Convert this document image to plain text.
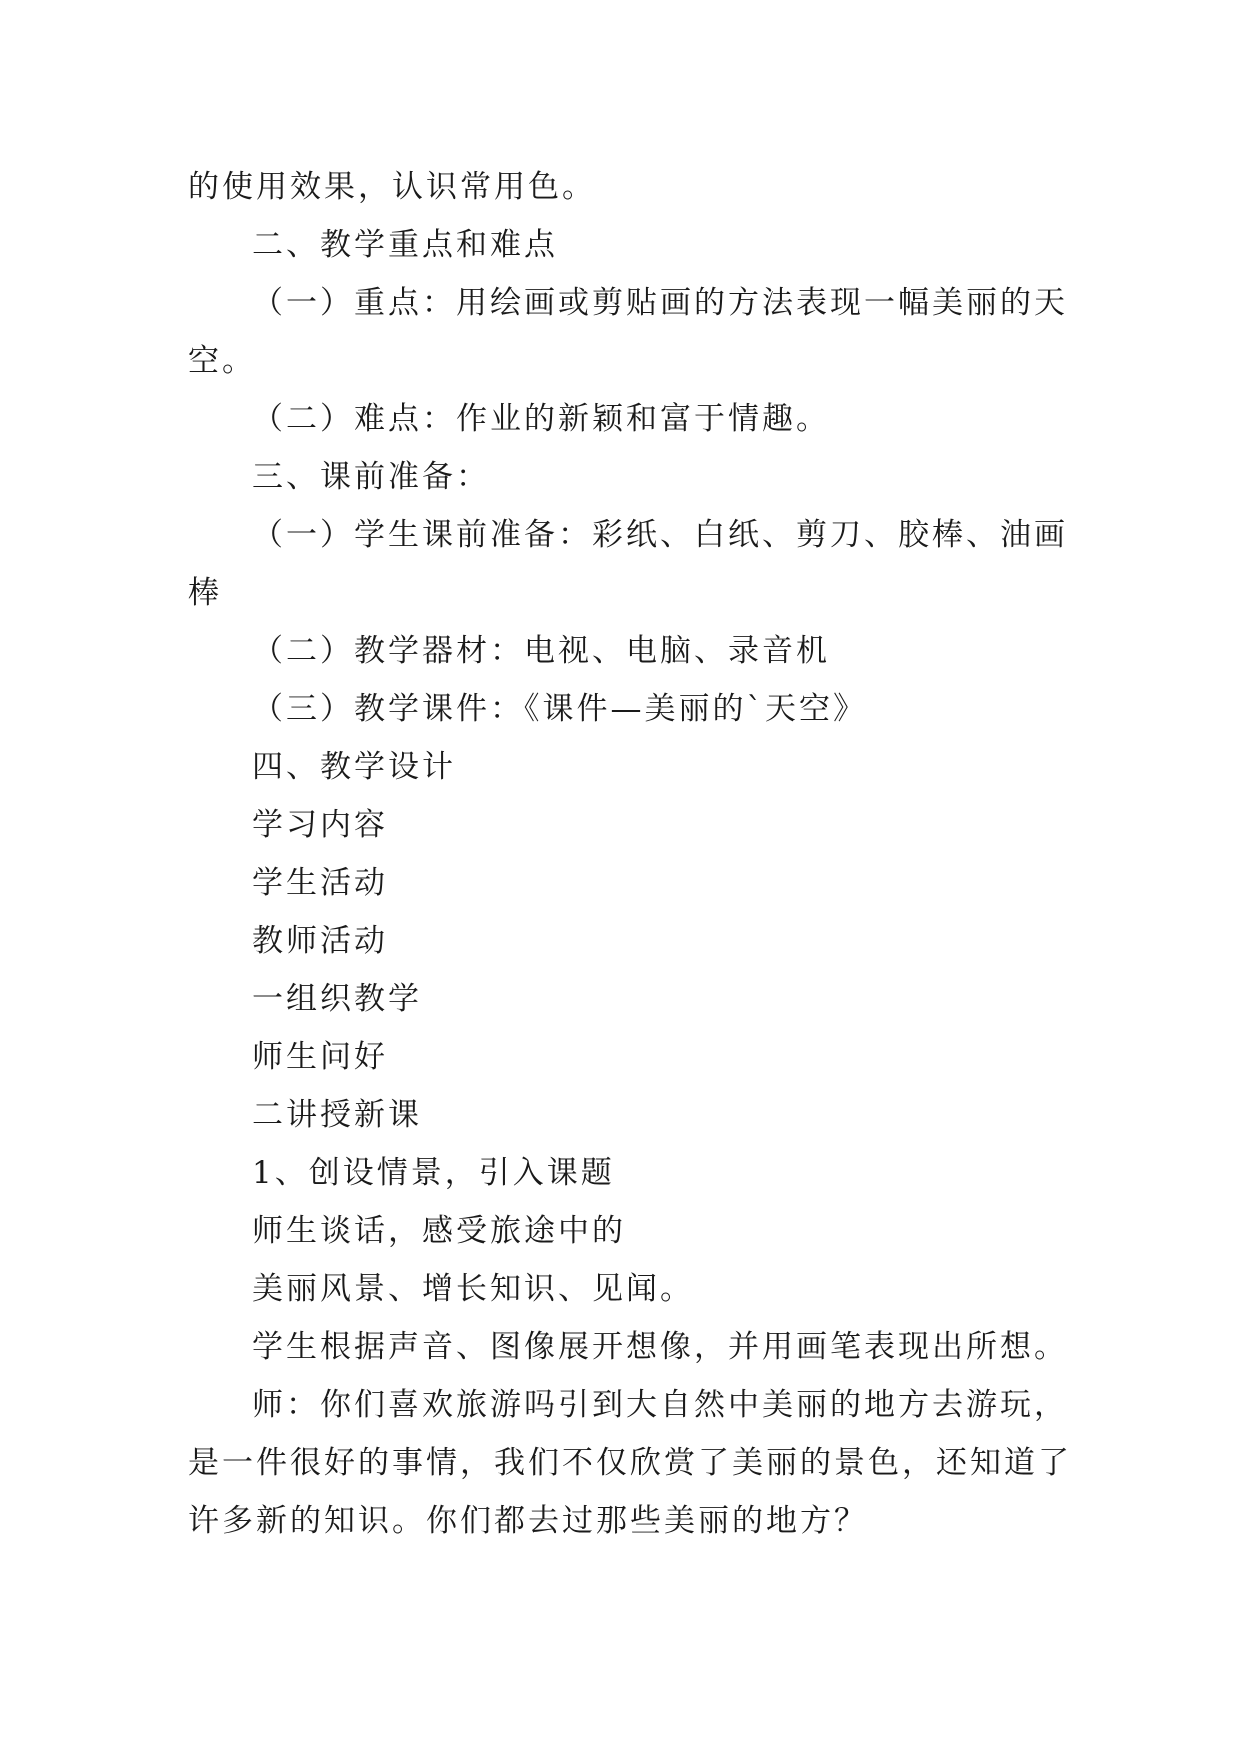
的使用效果，认识常用色。
二、教学重点和难点
（一）重点：用绘画或剪贴画的方法表现一幅美丽的天
空。
（二）难点：作业的新颖和富于情趣。
三、课前准备：
（一）学生课前准备：彩纸、白纸、剪刀、胶棒、油画
棒
（二）教学器材：电视、电脑、录音机
（三）教学课件：《课件—美丽的`天空》
四、教学设计
学习内容
学生活动
教师活动
一组织教学
师生问好
二讲授新课
1、创设情景，引入课题
师生谈话，感受旅途中的
美丽风景、增长知识、见闻。
学生根据声音、图像展开想像，并用画笔表现出所想。
师：你们喜欢旅游吗引到大自然中美丽的地方去游玩，
是一件很好的事情，我们不仅欣赏了美丽的景色，还知道了
许多新的知识。你们都去过那些美丽的地方？
